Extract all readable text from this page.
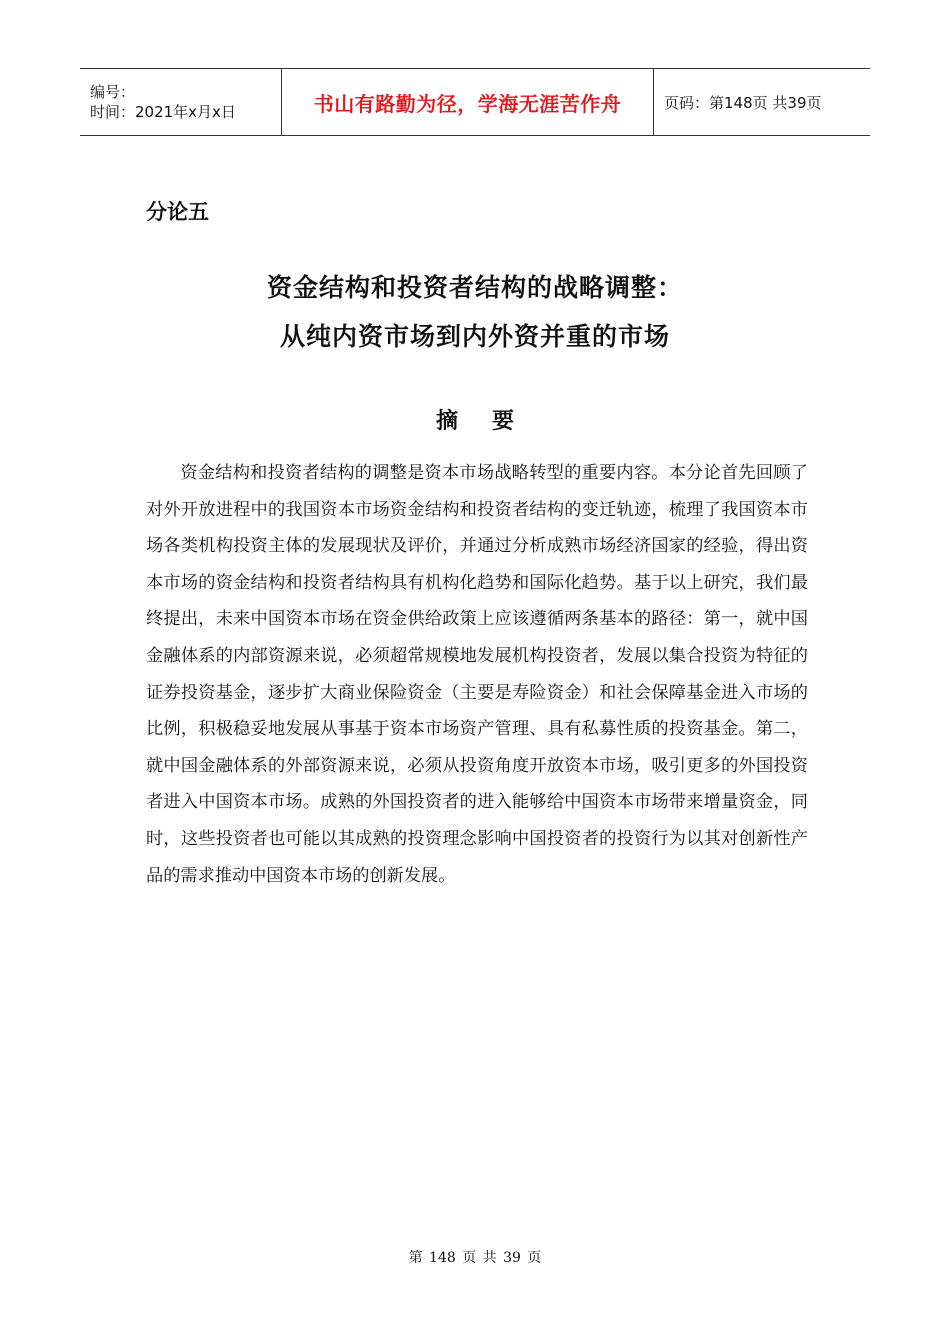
编号：
时间：2021年x月x日	书山有路勤为径，学海无涯苦作舟	页码：第148页 共39页
分论五
资金结构和投资者结构的战略调整：
从纯内资市场到内外资并重的市场
摘要

资金结构和投资者结构的调整是资本市场战略转型的重要内容。本分论首先回顾了对外开放进程中的我国资本市场资金结构和投资者结构的变迁轨迹，梳理了我国资本市场各类机构投资主体的发展现状及评价，并通过分析成熟市场经济国家的经验，得出资本市场的资金结构和投资者结构具有机构化趋势和国际化趋势。基于以上研究，我们最终提出，未来中国资本市场在资金供给政策上应该遵循两条基本的路径：第一，就中国金融体系的内部资源来说，必须超常规模地发展机构投资者，发展以集合投资为特征的证券投资基金，逐步扩大商业保险资金（主要是寿险资金）和社会保障基金进入市场的比例，积极稳妥地发展从事基于资本市场资产管理、具有私募性质的投资基金。第二，就中国金融体系的外部资源来说，必须从投资角度开放资本市场，吸引更多的外国投资者进入中国资本市场。成熟的外国投资者的进入能够给中国资本市场带来增量资金，同时，这些投资者也可能以其成熟的投资理念影响中国投资者的投资行为以其对创新性产品的需求推动中国资本市场的创新发展。

第 148 页 共 39 页
